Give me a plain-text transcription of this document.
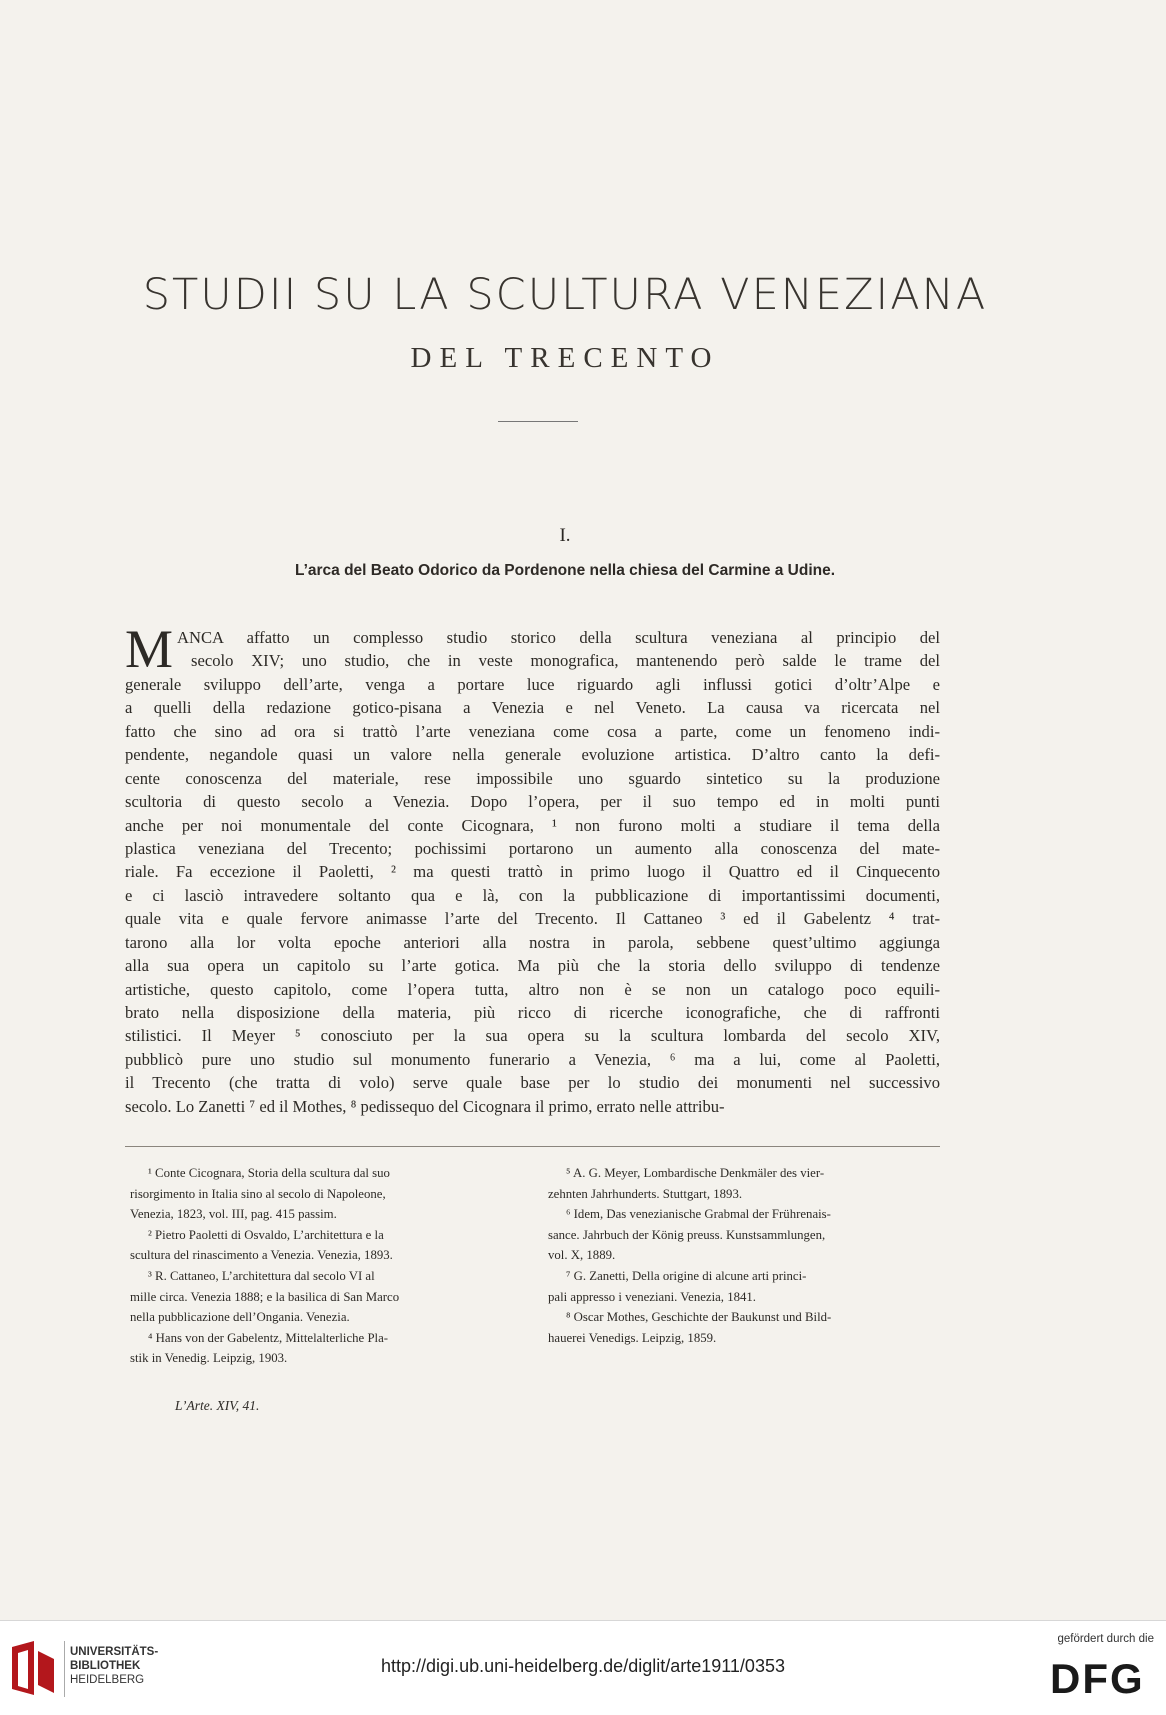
STUDII SU LA SCULTURA VENEZIANA
DEL TRECENTO
I.
L’arca del Beato Odorico da Pordenone nella chiesa del Carmine a Udine.
M ANCA affatto un complesso studio storico della scultura veneziana al principio del
secolo XIV; uno studio, che in veste monografica, mantenendo però salde le trame del
generale sviluppo dell’arte, venga a portare luce riguardo agli influssi gotici d’oltr’Alpe e
a quelli della redazione gotico-pisana a Venezia e nel Veneto. La causa va ricercata nel
fatto che sino ad ora si trattò l’arte veneziana come cosa a parte, come un fenomeno indi-
pendente, negandole quasi un valore nella generale evoluzione artistica. D’altro canto la defi-
cente conoscenza del materiale, rese impossibile uno sguardo sintetico su la produzione
scultoria di questo secolo a Venezia. Dopo l’opera, per il suo tempo ed in molti punti
anche per noi monumentale del conte Cicognara, ¹ non furono molti a studiare il tema della
plastica veneziana del Trecento; pochissimi portarono un aumento alla conoscenza del mate-
riale. Fa eccezione il Paoletti, ² ma questi trattò in primo luogo il Quattro ed il Cinquecento
e ci lasciò intravedere soltanto qua e là, con la pubblicazione di importantissimi documenti,
quale vita e quale fervore animasse l’arte del Trecento. Il Cattaneo ³ ed il Gabelentz ⁴ trat-
tarono alla lor volta epoche anteriori alla nostra in parola, sebbene quest’ultimo aggiunga
alla sua opera un capitolo su l’arte gotica. Ma più che la storia dello sviluppo di tendenze
artistiche, questo capitolo, come l’opera tutta, altro non è se non un catalogo poco equili-
brato nella disposizione della materia, più ricco di ricerche iconografiche, che di raffronti
stilistici. Il Meyer ⁵ conosciuto per la sua opera su la scultura lombarda del secolo XIV,
pubblicò pure uno studio sul monumento funerario a Venezia, ⁶ ma a lui, come al Paoletti,
il Trecento (che tratta di volo) serve quale base per lo studio dei monumenti nel successivo
secolo. Lo Zanetti ⁷ ed il Mothes, ⁸ pedissequo del Cicognara il primo, errato nelle attribu-
¹ Conte Cicognara, Storia della scultura dal suo
risorgimento in Italia sino al secolo di Napoleone,
Venezia, 1823, vol. III, pag. 415 passim.
² Pietro Paoletti di Osvaldo, L’architettura e la
scultura del rinascimento a Venezia. Venezia, 1893.
³ R. Cattaneo, L’architettura dal secolo VI al
mille circa. Venezia 1888; e la basilica di San Marco
nella pubblicazione dell’Ongania. Venezia.
⁴ Hans von der Gabelentz, Mittelalterliche Pla-
stik in Venedig. Leipzig, 1903.
⁵ A. G. Meyer, Lombardische Denkmäler des vier-
zehnten Jahrhunderts. Stuttgart, 1893.
⁶ Idem, Das venezianische Grabmal der Frührenais-
sance. Jahrbuch der König preuss. Kunstsammlungen,
vol. X, 1889.
⁷ G. Zanetti, Della origine di alcune arti princi-
pali appresso i veneziani. Venezia, 1841.
⁸ Oscar Mothes, Geschichte der Baukunst und Bild-
hauerei Venedigs. Leipzig, 1859.
L’Arte. XIV, 41.
UNIVERSITÄTS-
BIBLIOTHEK
HEIDELBERG
http://digi.ub.uni-heidelberg.de/diglit/arte1911/0353
gefördert durch die
DFG
